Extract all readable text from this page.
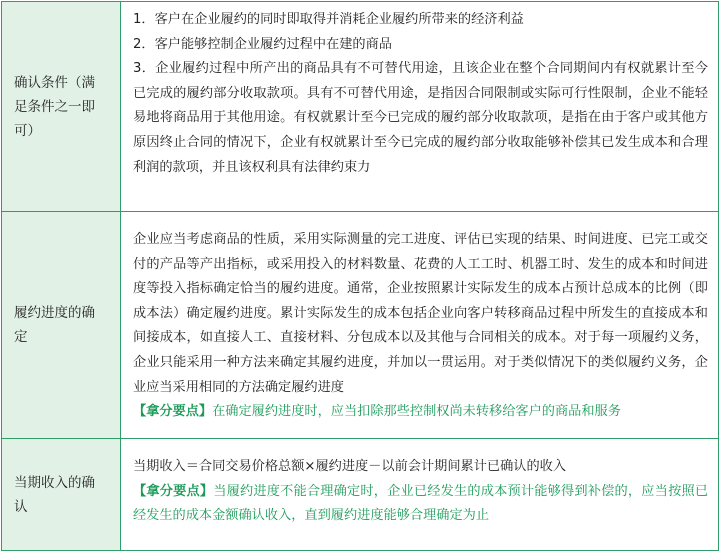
确认条件（满足条件之一即可）

1．客户在企业履约的同时即取得并消耗企业履约所带来的经济利益

2．客户能够控制企业履约过程中在建的商品

3．企业履约过程中所产出的商品具有不可替代用途，且该企业在整个合同期间内有权就累计至今已完成的履约部分收取款项。具有不可替代用途，是指因合同限制或实际可行性限制，企业不能轻易地将商品用于其他用途。有权就累计至今已完成的履约部分收取款项，是指在由于客户或其他方原因终止合同的情况下，企业有权就累计至今已完成的履约部分收取能够补偿其已发生成本和合理利润的款项，并且该权利具有法律约束力

履约进度的确定

企业应当考虑商品的性质，采用实际测量的完工进度、评估已实现的结果、时间进度、已完工或交付的产品等产出指标，或采用投入的材料数量、花费的人工工时、机器工时、发生的成本和时间进度等投入指标确定恰当的履约进度。通常，企业按照累计实际发生的成本占预计总成本的比例（即成本法）确定履约进度。累计实际发生的成本包括企业向客户转移商品过程中所发生的直接成本和间接成本，如直接人工、直接材料、分包成本以及其他与合同相关的成本。对于每一项履约义务，企业只能采用一种方法来确定其履约进度，并加以一贯运用。对于类似情况下的类似履约义务，企业应当采用相同的方法确定履约进度

【拿分要点】在确定履约进度时，应当扣除那些控制权尚未转移给客户的商品和服务

当期收入的确认

当期收入＝合同交易价格总额×履约进度－以前会计期间累计已确认的收入

【拿分要点】当履约进度不能合理确定时，企业已经发生的成本预计能够得到补偿的，应当按照已经发生的成本金额确认收入，直到履约进度能够合理确定为止
